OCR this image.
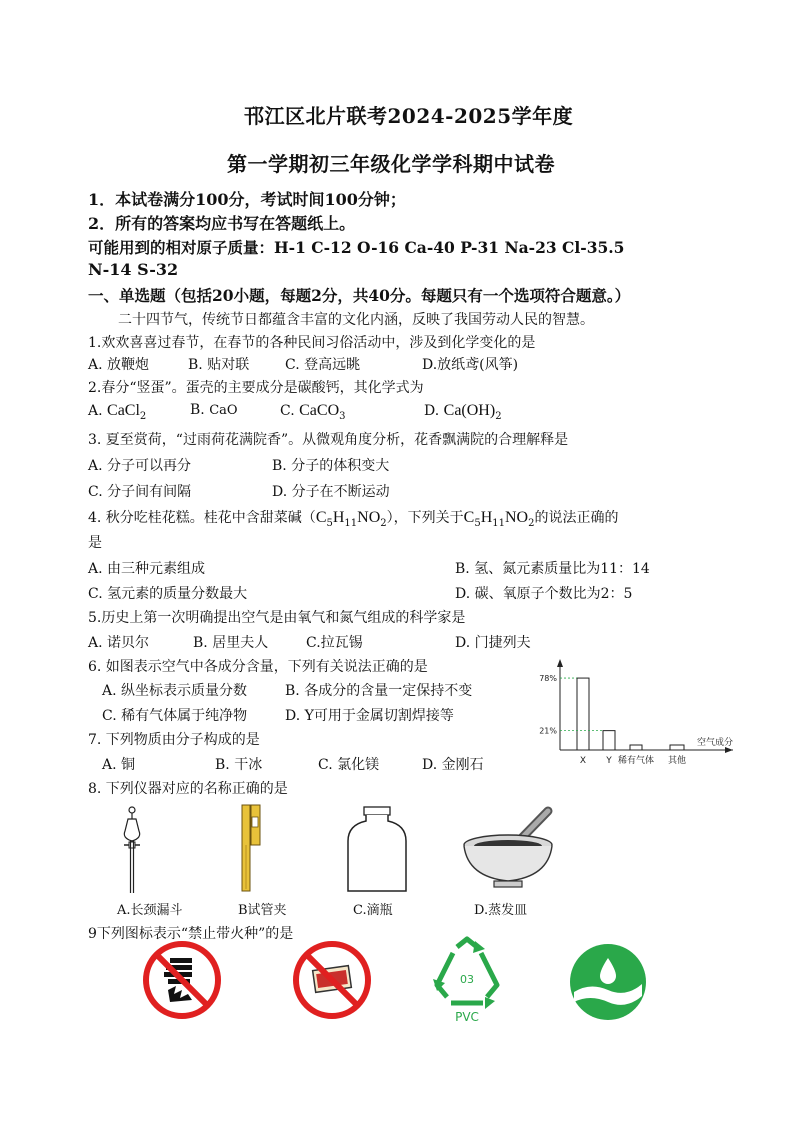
邗江区北片联考2024-2025学年度
第一学期初三年级化学学科期中试卷
1．本试卷满分100分，考试时间100分钟；
2．所有的答案均应书写在答题纸上。
可能用到的相对原子质量：H-1 C-12 O-16 Ca-40 P-31 Na-23 Cl-35.5
N-14 S-32
一、单选题（包括20小题，每题2分，共40分。每题只有一个选项符合题意。）
二十四节气，传统节日都蕴含丰富的文化内涵，反映了我国劳动人民的智慧。
1.欢欢喜喜过春节，在春节的各种民间习俗活动中，涉及到化学变化的是
A. 放鞭炮	B. 贴对联	C. 登高远眺	D.放纸鸢(风筝)
2.春分“竖蛋”。蛋壳的主要成分是碳酸钙，其化学式为
A. CaCl$_2$	B. CaO	C. CaCO$_3$	D. $Ca(OH)_2$
3. 夏至赏荷，“过雨荷花满院香”。从微观角度分析，花香飘满院的合理解释是
A. 分子可以再分	B. 分子的体积变大
C. 分子间有间隔	D. 分子在不断运动
4. 秋分吃桂花糕。桂花中含甜菜碱$(C_5H_{11}NO_2)$，下列关于$C_5H_{11}NO_2$的说法正确的
是
A. 由三种元素组成	B. 氢、氮元素质量比为11：14
C. 氢元素的质量分数最大	D. 碳、氧原子个数比为2：5
5.历史上第一次明确提出空气是由氧气和氮气组成的科学家是
A. 诺贝尔	B. 居里夫人	C.拉瓦锡	D. 门捷列夫
6. 如图表示空气中各成分含量，下列有关说法正确的是
A. 纵坐标表示质量分数	B. 各成分的含量一定保持不变
C. 稀有气体属于纯净物	D. Y可用于金属切割焊接等
X Y 稀有气体 其他
78%
21%
空气成分
7. 下列物质由分子构成的是
A. 铜	B. 干冰	C. 氯化镁	D. 金刚石
8. 下列仪器对应的名称正确的是
A.长颈漏斗	B试管夹	C.滴瓶	D.蒸发皿
9下列图标表示“禁止带火种”的是
03
PVC
